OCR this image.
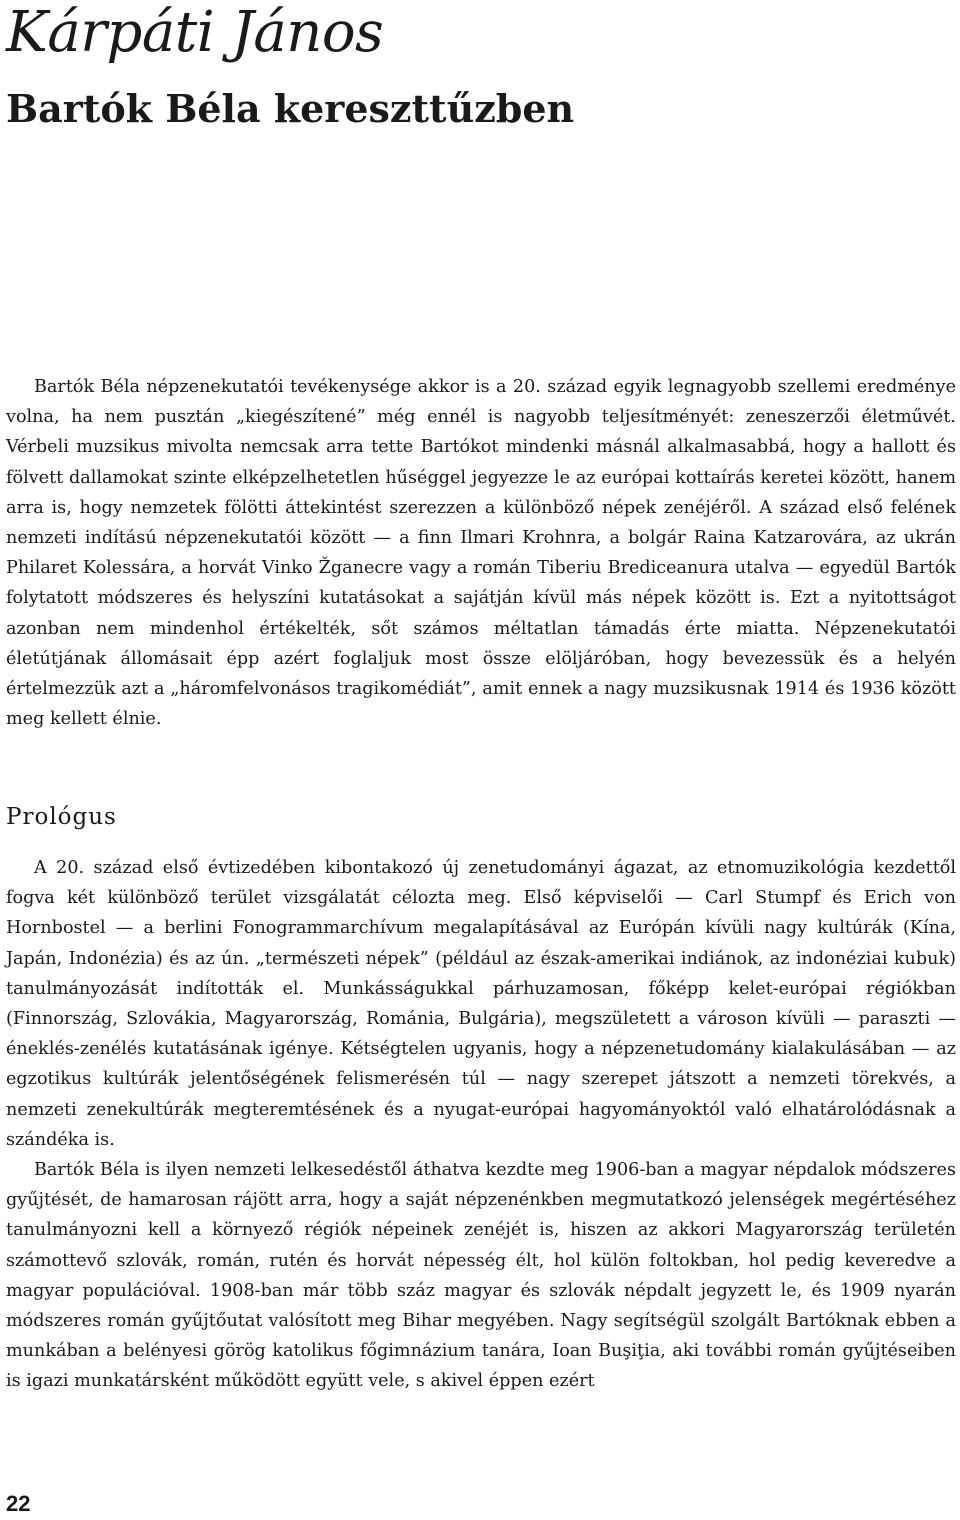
Kárpáti János
Bartók Béla kereszttűzben

Bartók Béla népzenekutatói tevékenysége akkor is a 20. század egyik legnagyobb szellemi eredménye volna, ha nem pusztán „kiegészítené” még ennél is nagyobb teljesítményét: zeneszerzői életművét. Vérbeli muzsikus mivolta nemcsak arra tette Bartókot mindenki másnál alkalmasabbá, hogy a hallott és fölvett dallamokat szinte elképzelhetetlen hűséggel jegyezze le az európai kottaírás keretei között, hanem arra is, hogy nemzetek fölötti áttekintést szerezzen a különböző népek zenéjéről. A század első felének nemzeti indítású népzenekutatói között — a finn Ilmari Krohnra, a bolgár Raina Katzarovára, az ukrán Philaret Kolessára, a horvát Vinko Žganecre vagy a román Tiberiu Brediceanura utalva — egyedül Bartók folytatott módszeres és helyszíni kutatásokat a sajátján kívül más népek között is. Ezt a nyitottságot azonban nem mindenhol értékelték, sőt számos méltatlan támadás érte miatta. Népzenekutatói életútjának állomásait épp azért foglaljuk most össze elöljáróban, hogy bevezessük és a helyén értelmezzük azt a „háromfelvonásos tragikomédiát”, amit ennek a nagy muzsikusnak 1914 és 1936 között meg kellett élnie.

Prológus

A 20. század első évtizedében kibontakozó új zenetudományi ágazat, az etnomuzikológia kezdettől fogva két különböző terület vizsgálatát célozta meg. Első képviselői — Carl Stumpf és Erich von Hornbostel — a berlini Fonogrammarchívum megalapításával az Európán kívüli nagy kultúrák (Kína, Japán, Indonézia) és az ún. „természeti népek” (például az észak-amerikai indiánok, az indonéziai kubuk) tanulmányozását indították el. Munkásságukkal párhuzamosan, főképp kelet-európai régiókban (Finnország, Szlovákia, Magyarország, Románia, Bulgária), megszületett a városon kívüli — paraszti — éneklés-zenélés kutatásának igénye. Kétségtelen ugyanis, hogy a népzenetudomány kialakulásában — az egzotikus kultúrák jelentőségének felismerésén túl — nagy szerepet játszott a nemzeti törekvés, a nemzeti zenekultúrák megteremtésének és a nyugat-európai hagyományoktól való elhatárolódásnak a szándéka is.

Bartók Béla is ilyen nemzeti lelkesedéstől áthatva kezdte meg 1906-ban a magyar népdalok módszeres gyűjtését, de hamarosan rájött arra, hogy a saját népzenénkben megmutatkozó jelenségek megértéséhez tanulmányozni kell a környező régiók népeinek zenéjét is, hiszen az akkori Magyarország területén számottevő szlovák, román, rutén és horvát népesség élt, hol külön foltokban, hol pedig keveredve a magyar populációval. 1908-ban már több száz magyar és szlovák népdalt jegyzett le, és 1909 nyarán módszeres román gyűjtőutat valósított meg Bihar megyében. Nagy segítségül szolgált Bartóknak ebben a munkában a belényesi görög katolikus főgimnázium tanára, Ioan Buşiţia, aki további román gyűjtéseiben is igazi munkatársként működött együtt vele, s akivel éppen ezért

22
